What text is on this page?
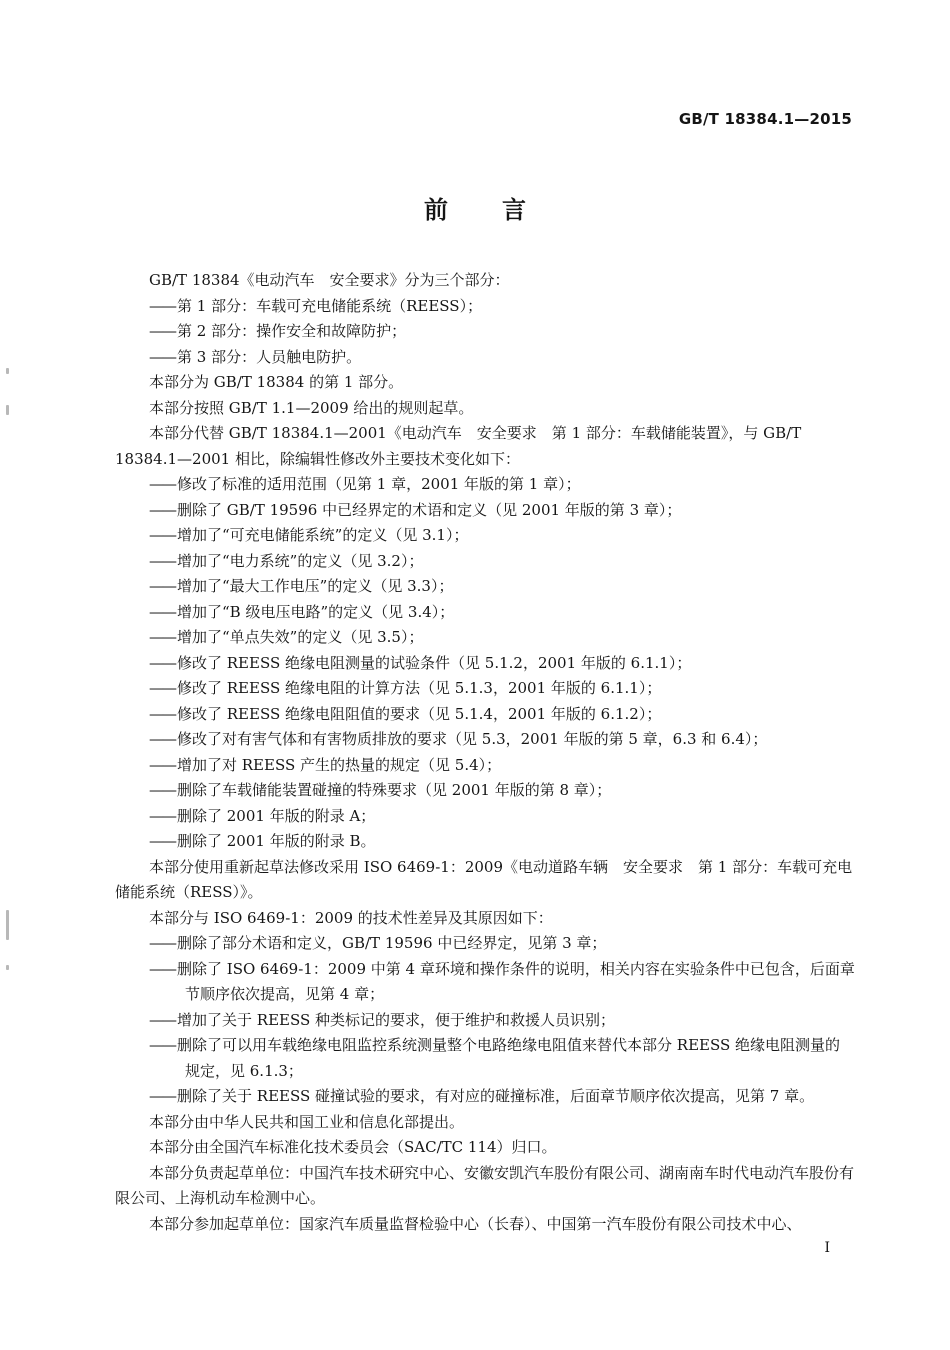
GB/T 18384.1—2015
前 言

GB/T 18384《电动汽车　安全要求》分为三个部分：

—— 第 1 部分：车载可充电储能系统（REESS）；

—— 第 2 部分：操作安全和故障防护；

—— 第 3 部分：人员触电防护。

本部分为 GB/T 18384 的第 1 部分。

本部分按照 GB/T 1.1—2009 给出的规则起草。

本部分代替 GB/T 18384.1—2001《电动汽车　安全要求　第 1 部分：车载储能装置》，与 GB/T 18384.1—2001 相比，除编辑性修改外主要技术变化如下：

—— 修改了标准的适用范围（见第 1 章，2001 年版的第 1 章）；

—— 删除了 GB/T 19596 中已经界定的术语和定义（见 2001 年版的第 3 章）；

—— 增加了“可充电储能系统”的定义（见 3.1）；

—— 增加了“电力系统”的定义（见 3.2）；

—— 增加了“最大工作电压”的定义（见 3.3）；

—— 增加了“B 级电压电路”的定义（见 3.4）；

—— 增加了“单点失效”的定义（见 3.5）；

—— 修改了 REESS 绝缘电阻测量的试验条件（见 5.1.2，2001 年版的 6.1.1）；

—— 修改了 REESS 绝缘电阻的计算方法（见 5.1.3，2001 年版的 6.1.1）；

—— 修改了 REESS 绝缘电阻阻值的要求（见 5.1.4，2001 年版的 6.1.2）；

—— 修改了对有害气体和有害物质排放的要求（见 5.3，2001 年版的第 5 章，6.3 和 6.4）；

—— 增加了对 REESS 产生的热量的规定（见 5.4）；

—— 删除了车载储能装置碰撞的特殊要求（见 2001 年版的第 8 章）；

—— 删除了 2001 年版的附录 A；

—— 删除了 2001 年版的附录 B。

本部分使用重新起草法修改采用 ISO 6469-1：2009《电动道路车辆　安全要求　第 1 部分：车载可充电储能系统（RESS）》。

本部分与 ISO 6469-1：2009 的技术性差异及其原因如下：

—— 删除了部分术语和定义，GB/T 19596 中已经界定，见第 3 章；

—— 删除了 ISO 6469-1：2009 中第 4 章环境和操作条件的说明，相关内容在实验条件中已包含，后面章节顺序依次提高，见第 4 章；

—— 增加了关于 REESS 种类标记的要求，便于维护和救援人员识别；

—— 删除了可以用车载绝缘电阻监控系统测量整个电路绝缘电阻值来替代本部分 REESS 绝缘电阻测量的规定，见 6.1.3；

—— 删除了关于 REESS 碰撞试验的要求，有对应的碰撞标准，后面章节顺序依次提高，见第 7 章。

本部分由中华人民共和国工业和信息化部提出。

本部分由全国汽车标准化技术委员会（SAC/TC 114）归口。

本部分负责起草单位：中国汽车技术研究中心、安徽安凯汽车股份有限公司、湖南南车时代电动汽车股份有限公司、上海机动车检测中心。

本部分参加起草单位：国家汽车质量监督检验中心（长春）、中国第一汽车股份有限公司技术中心、

I
